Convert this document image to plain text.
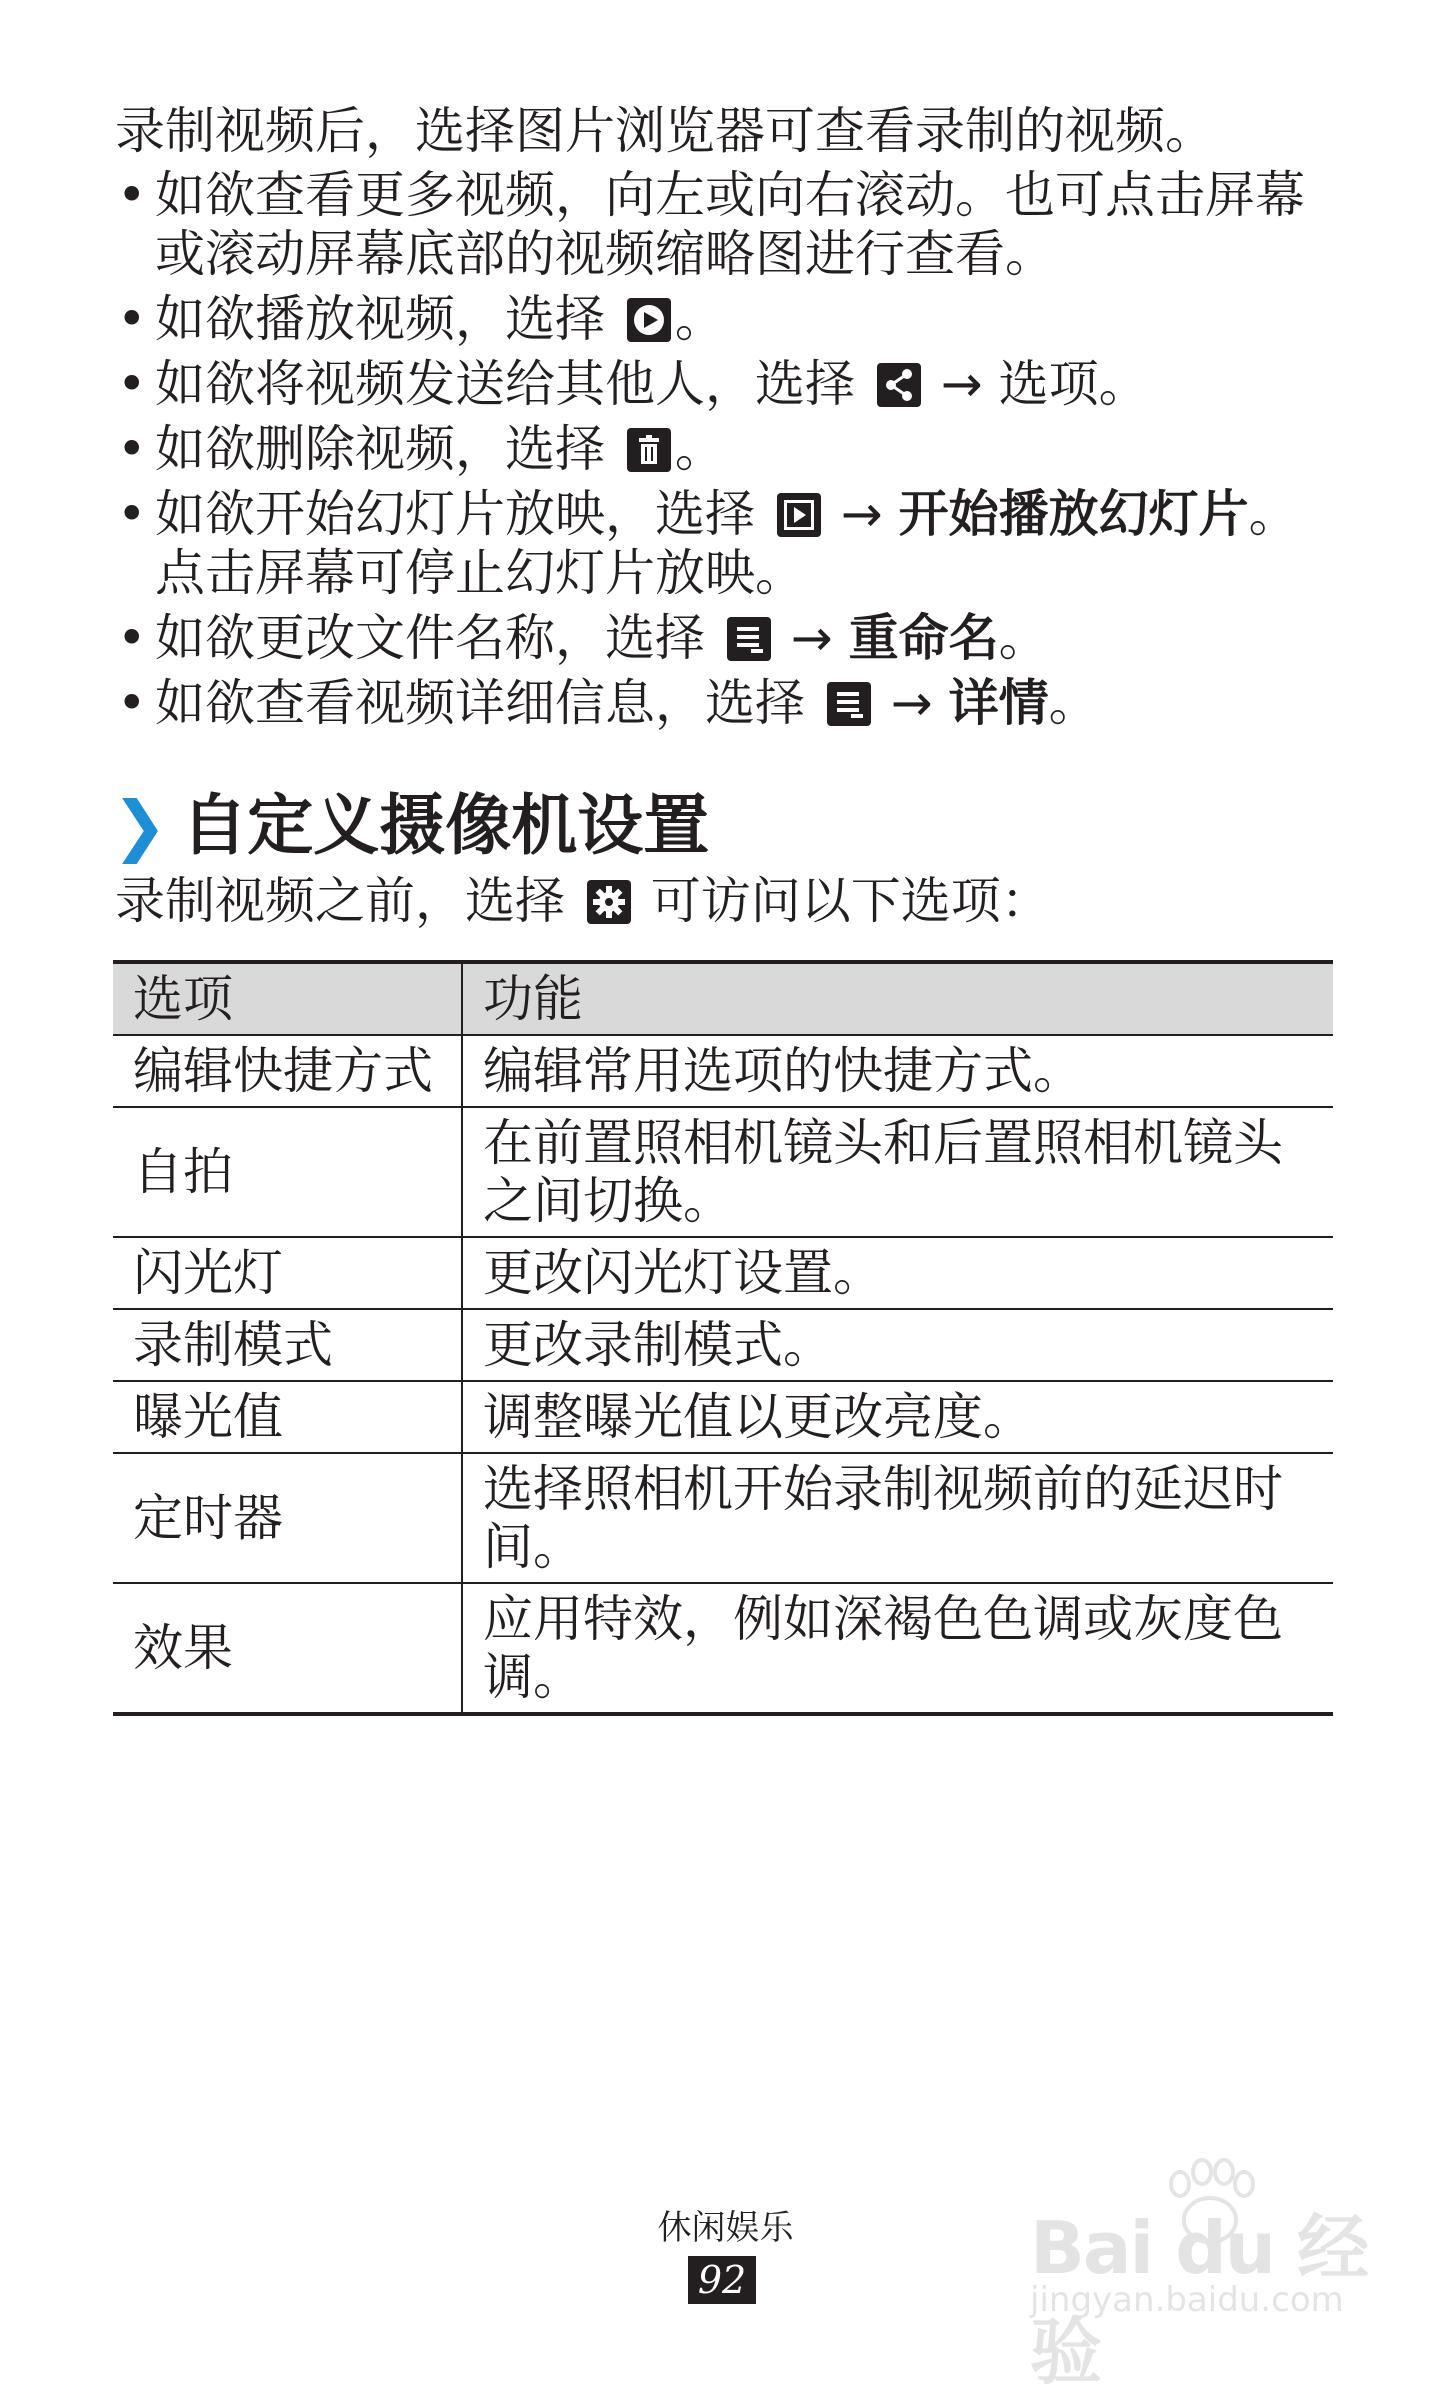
录制视频后，选择图片浏览器可查看录制的视频。
• 如欲查看更多视频，向左或向右滚动。也可点击屏幕或滚动屏幕底部的视频缩略图进行查看。
• 如欲播放视频，选择
。
• 如欲将视频发送给其他人，选择
→ 选项。
• 如欲删除视频，选择
。
• 如欲开始幻灯片放映，选择
→ 开始播放幻灯片。点击屏幕可停止幻灯片放映。
• 如欲更改文件名称，选择
→ 重命名。
• 如欲查看视频详细信息，选择
→ 详情。
❯ 自定义摄像机设置
录制视频之前，选择
可访问以下选项：
选项	功能
编辑快捷方式	编辑常用选项的快捷方式。
自拍	在前置照相机镜头和后置照相机镜头之间切换。
闪光灯	更改闪光灯设置。
录制模式	更改录制模式。
曝光值	调整曝光值以更改亮度。
定时器	选择照相机开始录制视频前的延迟时间。
效果	应用特效，例如深褐色色调或灰度色调。
休闲娱乐
92	Bai du 经验
jingyan.baidu.com
